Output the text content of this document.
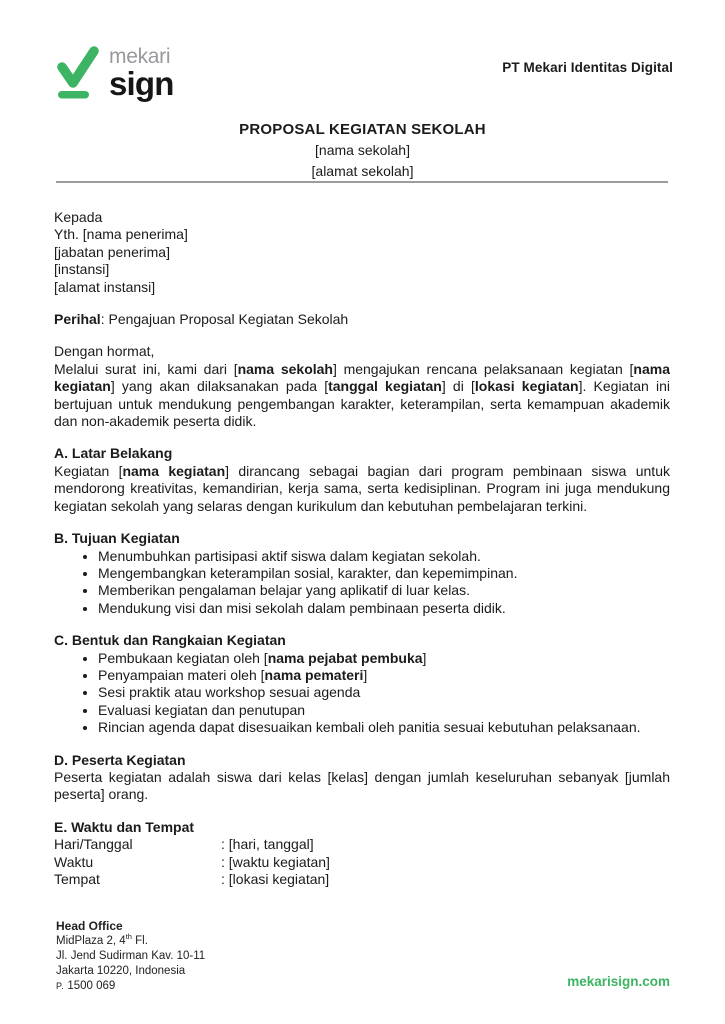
mekari
sign	PT Mekari Identitas Digital
PROPOSAL KEGIATAN SEKOLAH
[nama sekolah]
[alamat sekolah]
Kepada
Yth. [nama penerima]
[jabatan penerima]
[instansi]
[alamat instansi]
Perihal: Pengajuan Proposal Kegiatan Sekolah
Dengan hormat,

Melalui surat ini, kami dari [nama sekolah] mengajukan rencana pelaksanaan kegiatan [nama kegiatan] yang akan dilaksanakan pada [tanggal kegiatan] di [lokasi kegiatan]. Kegiatan ini bertujuan untuk mendukung pengembangan karakter, keterampilan, serta kemampuan akademik dan non-akademik peserta didik.

A. Latar Belakang

Kegiatan [nama kegiatan] dirancang sebagai bagian dari program pembinaan siswa untuk mendorong kreativitas, kemandirian, kerja sama, serta kedisiplinan. Program ini juga mendukung kegiatan sekolah yang selaras dengan kurikulum dan kebutuhan pembelajaran terkini.

B. Tujuan Kegiatan
• Menumbuhkan partisipasi aktif siswa dalam kegiatan sekolah.
• Mengembangkan keterampilan sosial, karakter, dan kepemimpinan.
• Memberikan pengalaman belajar yang aplikatif di luar kelas.
• Mendukung visi dan misi sekolah dalam pembinaan peserta didik.
C. Bentuk dan Rangkaian Kegiatan
• Pembukaan kegiatan oleh [nama pejabat pembuka]
• Penyampaian materi oleh [nama pemateri]
• Sesi praktik atau workshop sesuai agenda
• Evaluasi kegiatan dan penutupan
• Rincian agenda dapat disesuaikan kembali oleh panitia sesuai kebutuhan pelaksanaan.
D. Peserta Kegiatan

Peserta kegiatan adalah siswa dari kelas [kelas] dengan jumlah keseluruhan sebanyak [jumlah peserta] orang.

E. Waktu dan Tempat
Hari/Tanggal	: [hari, tanggal]
Waktu	: [waktu kegiatan]
Tempat	: [lokasi kegiatan]
Head Office
MidPlaza 2, 4th Fl.
Jl. Jend Sudirman Kav. 10-11
Jakarta 10220, Indonesia
P. 1500 069	mekarisign.com
